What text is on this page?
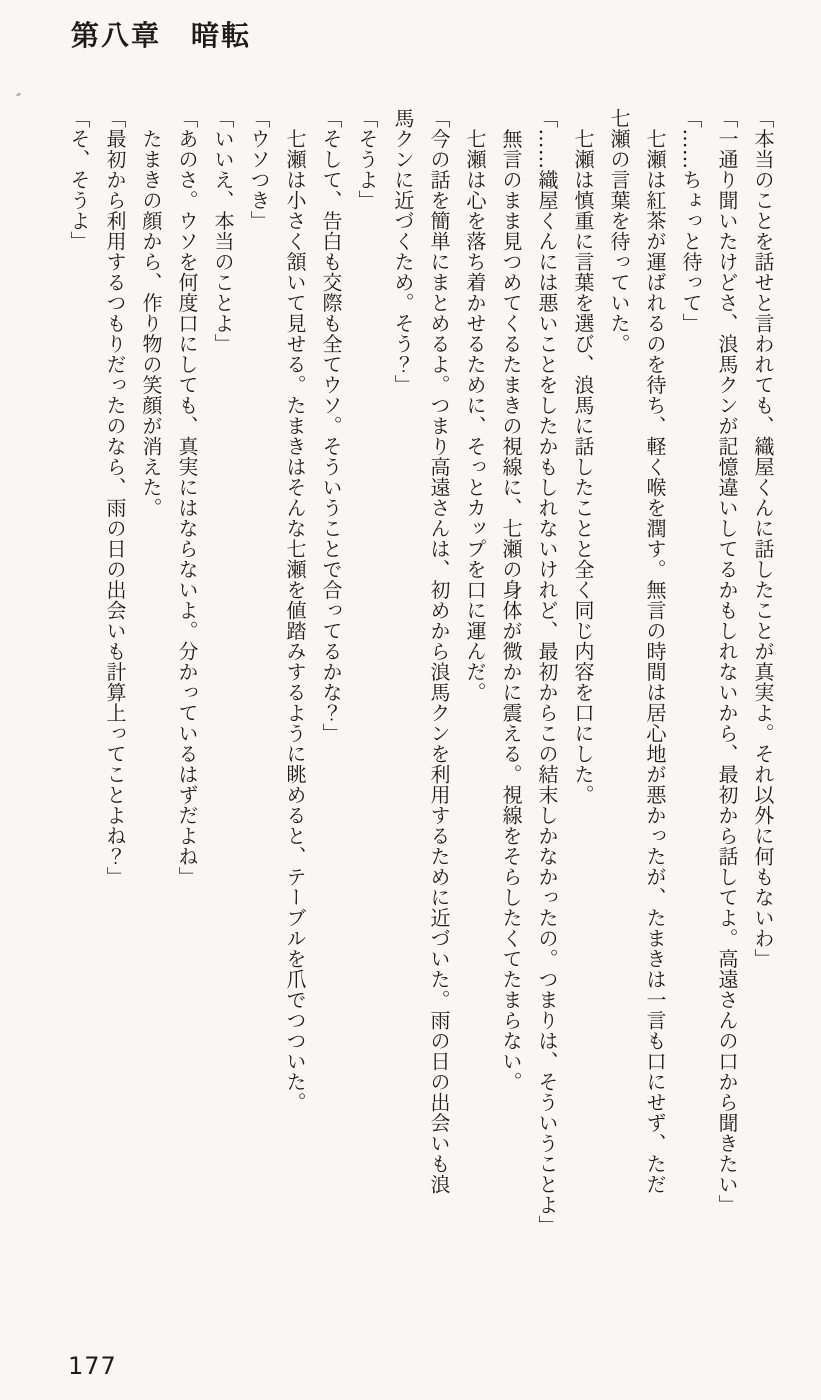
第八章　暗転

「本当のことを話せと言われても、織屋くんに話したことが真実よ。それ以外に何もないわ」

「一通り聞いたけどさ、浪馬クンが記憶違いしてるかもしれないから、最初から話してよ。高遠さんの口から聞きたい」

「……ちょっと待って」

　七瀬は紅茶が運ばれるのを待ち、軽く喉を潤す。無言の時間は居心地が悪かったが、たまきは一言も口にせず、ただ

七瀬の言葉を待っていた。

　七瀬は慎重に言葉を選び、浪馬に話したことと全く同じ内容を口にした。

「……織屋くんには悪いことをしたかもしれないけれど、最初からこの結末しかなかったの。つまりは、そういうことよ」

　無言のまま見つめてくるたまきの視線に、七瀬の身体が微かに震える。視線をそらしたくてたまらない。

　七瀬は心を落ち着かせるために、そっとカップを口に運んだ。

「今の話を簡単にまとめるよ。つまり高遠さんは、初めから浪馬クンを利用するために近づいた。雨の日の出会いも浪

馬クンに近づくため。そう？」

「そうよ」

「そして、告白も交際も全てウソ。そういうことで合ってるかな？」

　七瀬は小さく頷いて見せる。たまきはそんな七瀬を値踏みするように眺めると、テーブルを爪でつついた。

「ウソつき」

「いいえ、本当のことよ」

「あのさ。ウソを何度口にしても、真実にはならないよ。分かっているはずだよね」

　たまきの顔から、作り物の笑顔が消えた。

「最初から利用するつもりだったのなら、雨の日の出会いも計算上ってことよね？」

「そ、そうよ」

177
